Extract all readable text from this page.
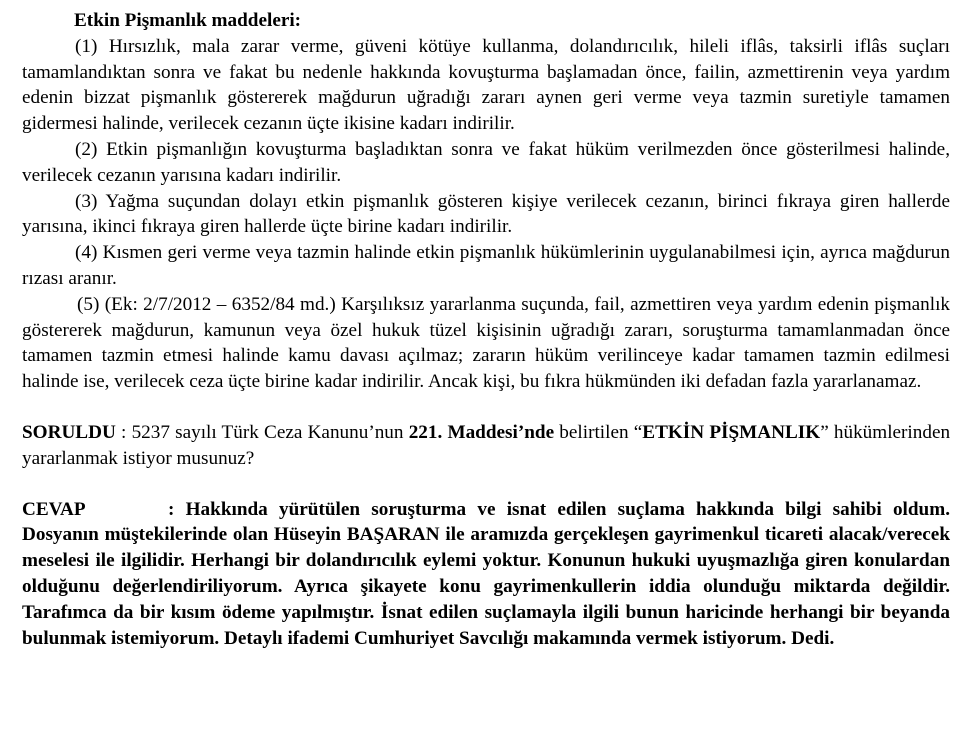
Etkin Pişmanlık maddeleri:

(1) Hırsızlık, mala zarar verme, güveni kötüye kullanma, dolandırıcılık, hileli iflâs, taksirli iflâs suçları tamamlandıktan sonra ve fakat bu nedenle hakkında kovuşturma başlamadan önce, failin, azmettirenin veya yardım edenin bizzat pişmanlık göstererek mağdurun uğradığı zararı aynen geri verme veya tazmin suretiyle tamamen gidermesi halinde, verilecek cezanın üçte ikisine kadarı indirilir.

(2) Etkin pişmanlığın kovuşturma başladıktan sonra ve fakat hüküm verilmezden önce gösterilmesi halinde, verilecek cezanın yarısına kadarı indirilir.

(3) Yağma suçundan dolayı etkin pişmanlık gösteren kişiye verilecek cezanın, birinci fıkraya giren hallerde yarısına, ikinci fıkraya giren hallerde üçte birine kadarı indirilir.

(4) Kısmen geri verme veya tazmin halinde etkin pişmanlık hükümlerinin uygulanabilmesi için, ayrıca mağdurun rızası aranır.

(5) (Ek: 2/7/2012 – 6352/84 md.) Karşılıksız yararlanma suçunda, fail, azmettiren veya yardım edenin pişmanlık göstererek mağdurun, kamunun veya özel hukuk tüzel kişisinin uğradığı zararı, soruşturma tamamlanmadan önce tamamen tazmin etmesi halinde kamu davası açılmaz; zararın hüküm verilinceye kadar tamamen tazmin edilmesi halinde ise, verilecek ceza üçte birine kadar indirilir. Ancak kişi, bu fıkra hükmünden iki defadan fazla yararlanamaz.

SORULDU : 5237 sayılı Türk Ceza Kanunu’nun 221. Maddesi’nde belirtilen “ETKİN PİŞMANLIK” hükümlerinden yararlanmak istiyor musunuz?

CEVAP	: Hakkında yürütülen soruşturma ve isnat edilen suçlama hakkında bilgi sahibi oldum. Dosyanın müştekilerinde olan Hüseyin BAŞARAN ile aramızda gerçekleşen gayrimenkul ticareti alacak/verecek meselesi ile ilgilidir. Herhangi bir dolandırıcılık eylemi yoktur. Konunun hukuki uyuşmazlığa giren konulardan olduğunu değerlendiriliyorum. Ayrıca şikayete konu gayrimenkullerin iddia olunduğu miktarda değildir. Tarafımca da bir kısım ödeme yapılmıştır. İsnat edilen suçlamayla ilgili bunun haricinde herhangi bir beyanda bulunmak istemiyorum. Detaylı ifademi Cumhuriyet Savcılığı makamında vermek istiyorum. Dedi.
